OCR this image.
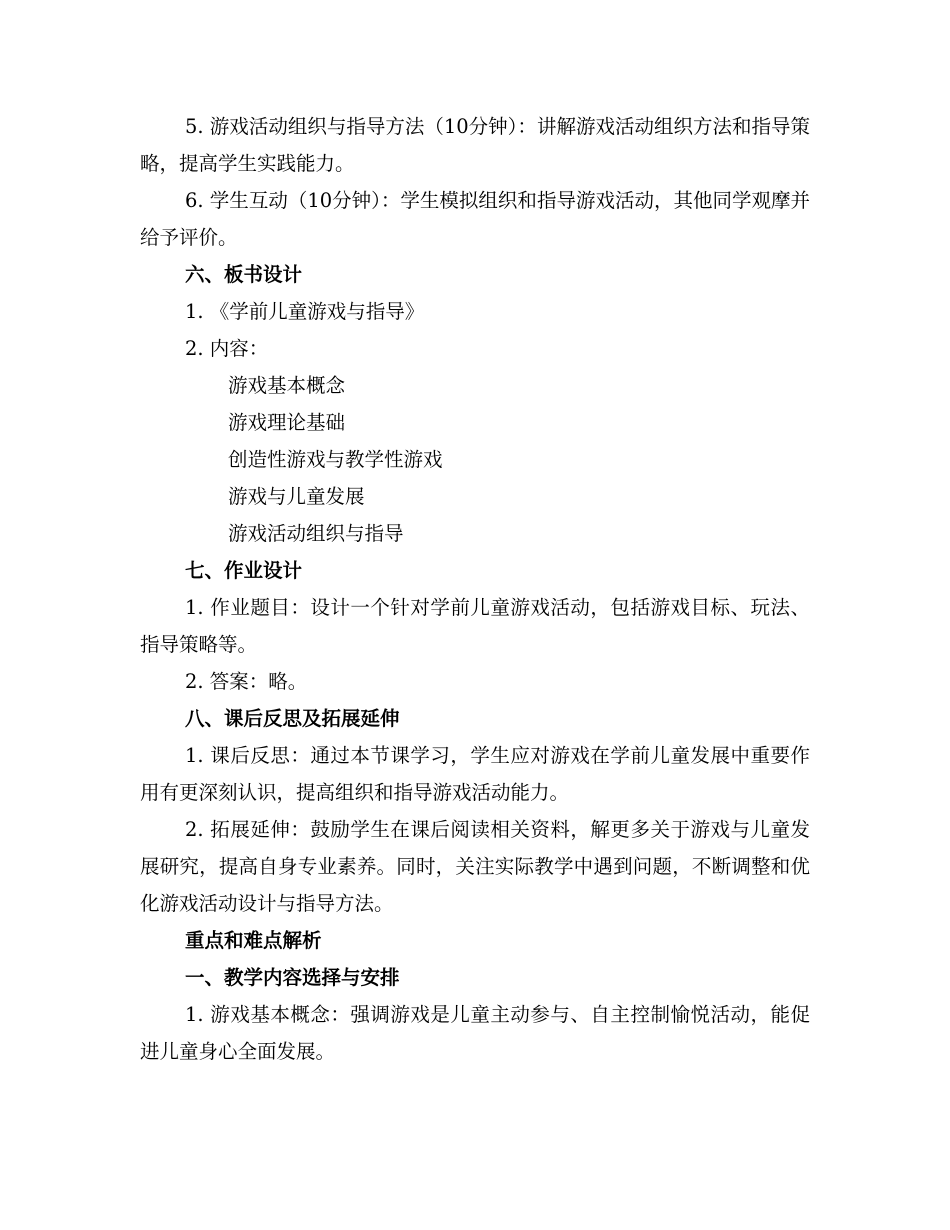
5. 游戏活动组织与指导方法（10分钟）：讲解游戏活动组织方法和指导策略，提高学生实践能力。

6. 学生互动（10分钟）：学生模拟组织和指导游戏活动，其他同学观摩并给予评价。

六、板书设计

1. 《学前儿童游戏与指导》

2. 内容：

游戏基本概念

游戏理论基础

创造性游戏与教学性游戏

游戏与儿童发展

游戏活动组织与指导

七、作业设计

1. 作业题目：设计一个针对学前儿童游戏活动，包括游戏目标、玩法、指导策略等。

2. 答案：略。

八、课后反思及拓展延伸

1. 课后反思：通过本节课学习，学生应对游戏在学前儿童发展中重要作用有更深刻认识，提高组织和指导游戏活动能力。

2. 拓展延伸：鼓励学生在课后阅读相关资料，解更多关于游戏与儿童发展研究，提高自身专业素养。同时，关注实际教学中遇到问题，不断调整和优化游戏活动设计与指导方法。

重点和难点解析

一、教学内容选择与安排

1. 游戏基本概念：强调游戏是儿童主动参与、自主控制愉悦活动，能促进儿童身心全面发展。
